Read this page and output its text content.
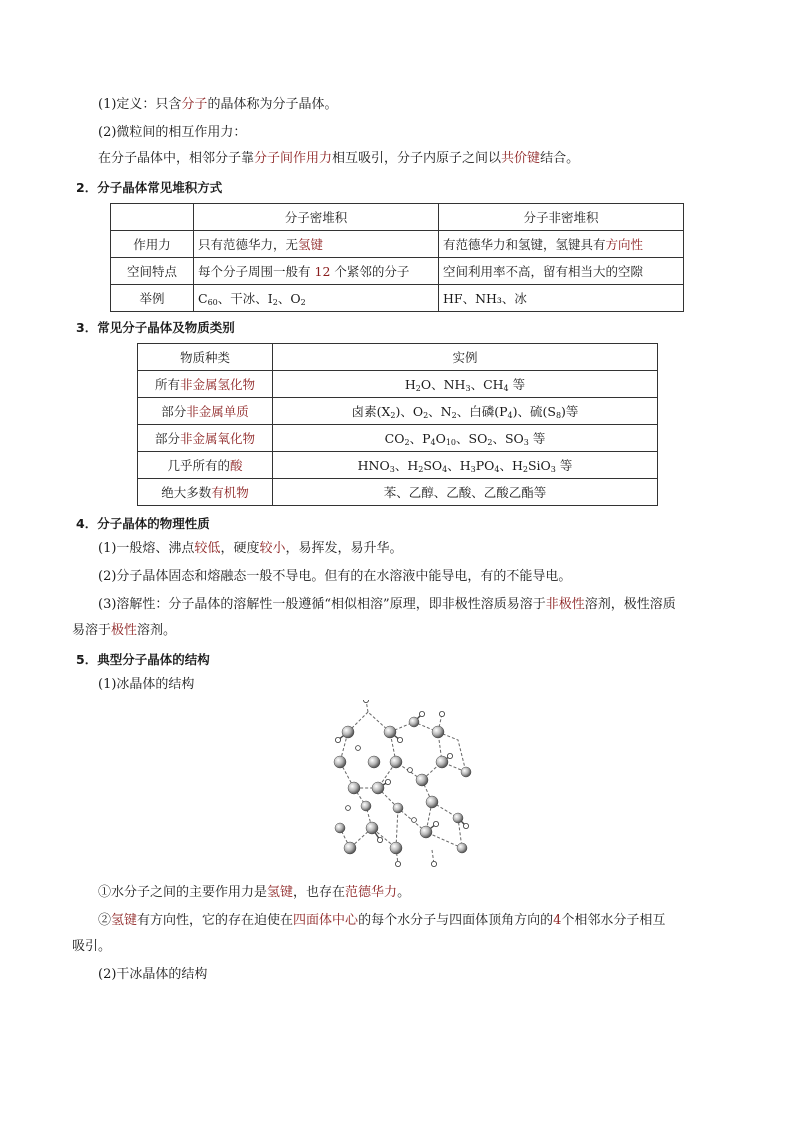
(1)定义：只含分子的晶体称为分子晶体。
(2)微粒间的相互作用力：
在分子晶体中，相邻分子靠分子间作用力相互吸引，分子内原子之间以共价键结合。
2．分子晶体常见堆积方式
	分子密堆积	分子非密堆积
作用力	只有范德华力，无氢键	有范德华力和氢键，氢键具有方向性
空间特点	每个分子周围一般有 12 个紧邻的分子	空间利用率不高，留有相当大的空隙
举例	$C_{60}$、干冰、$I_2$、$O_2$	HF、NH₃、冰
3．常见分子晶体及物质类别
物质种类	实例
所有非金属氢化物	$H_2O$、$NH_3$、$CH_4$ 等
部分非金属单质	卤素$(X_2)$、$O_2$、$N_2$、白磷$(P_4)$、硫$(S_8)$等
部分非金属氧化物	$CO_2$、$P_4O_{10}$、$SO_2$、$SO_3$ 等
几乎所有的酸	$HNO_3$、$H_2SO_4$、$H_3PO_4$、$H_2SiO_3$ 等
绝大多数有机物	苯、乙醇、乙酸、乙酸乙酯等
4．分子晶体的物理性质
(1)一般熔、沸点较低，硬度较小，易挥发，易升华。
(2)分子晶体固态和熔融态一般不导电。但有的在水溶液中能导电，有的不能导电。
(3)溶解性：分子晶体的溶解性一般遵循“相似相溶”原理，即非极性溶质易溶于非极性溶剂，极性溶质
易溶于极性溶剂。
5．典型分子晶体的结构
(1)冰晶体的结构
①水分子之间的主要作用力是氢键，也存在范德华力。
②氢键有方向性，它的存在迫使在四面体中心的每个水分子与四面体顶角方向的4个相邻水分子相互
吸引。
(2)干冰晶体的结构
